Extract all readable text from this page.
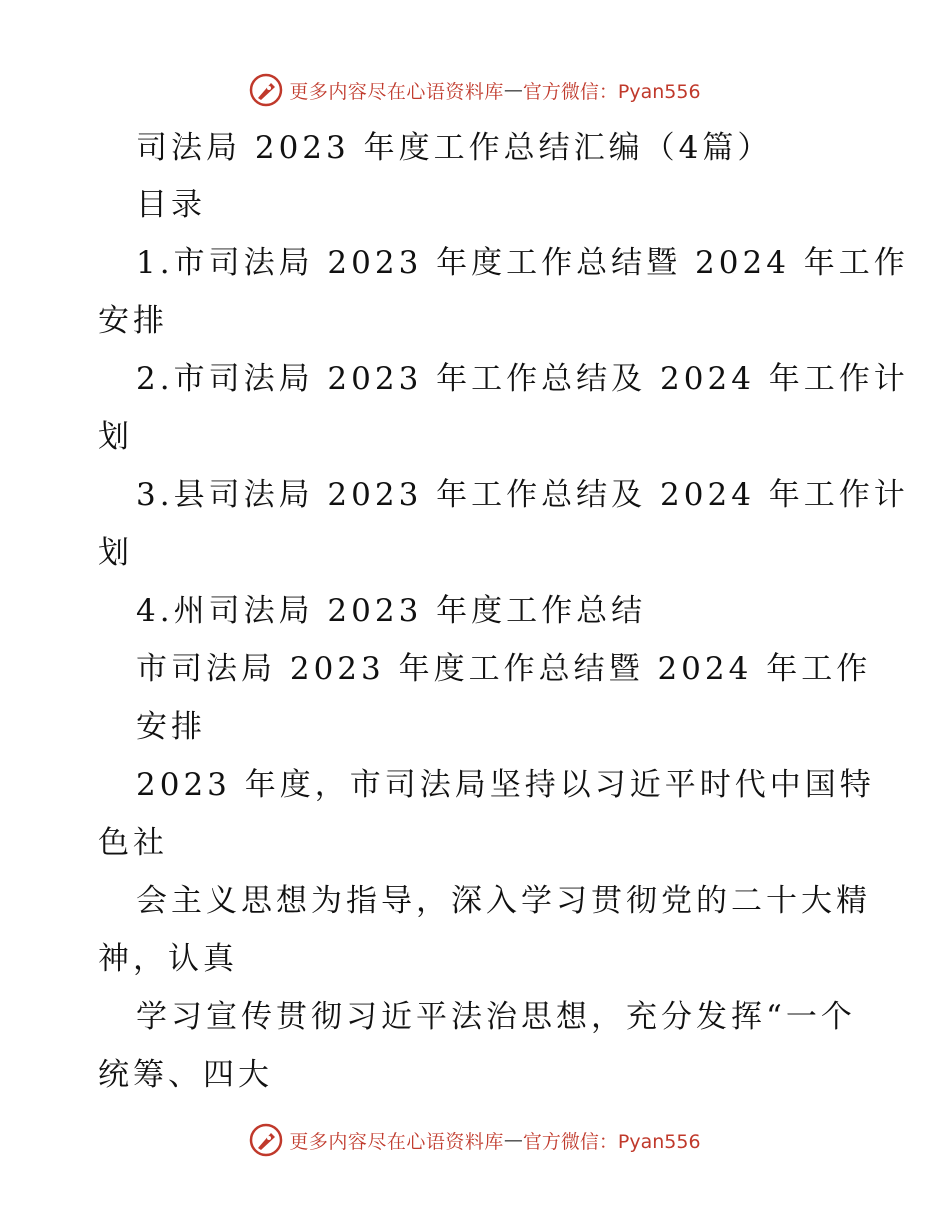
更多内容尽在心语资料库 — 官方微信：Pyan556
司法局 2023 年度工作总结汇编（4篇）
目录
1.市司法局 2023 年度工作总结暨 2024 年工作
安排
2.市司法局 2023 年工作总结及 2024 年工作计
划
3.县司法局 2023 年工作总结及 2024 年工作计
划
4.州司法局 2023 年度工作总结
市司法局 2023 年度工作总结暨 2024 年工作
安排
2023 年度，市司法局坚持以习近平时代中国特
色社
会主义思想为指导，深入学习贯彻党的二十大精
神，认真
学习宣传贯彻习近平法治思想，充分发挥“一个
统筹、四大
更多内容尽在心语资料库 — 官方微信：Pyan556
